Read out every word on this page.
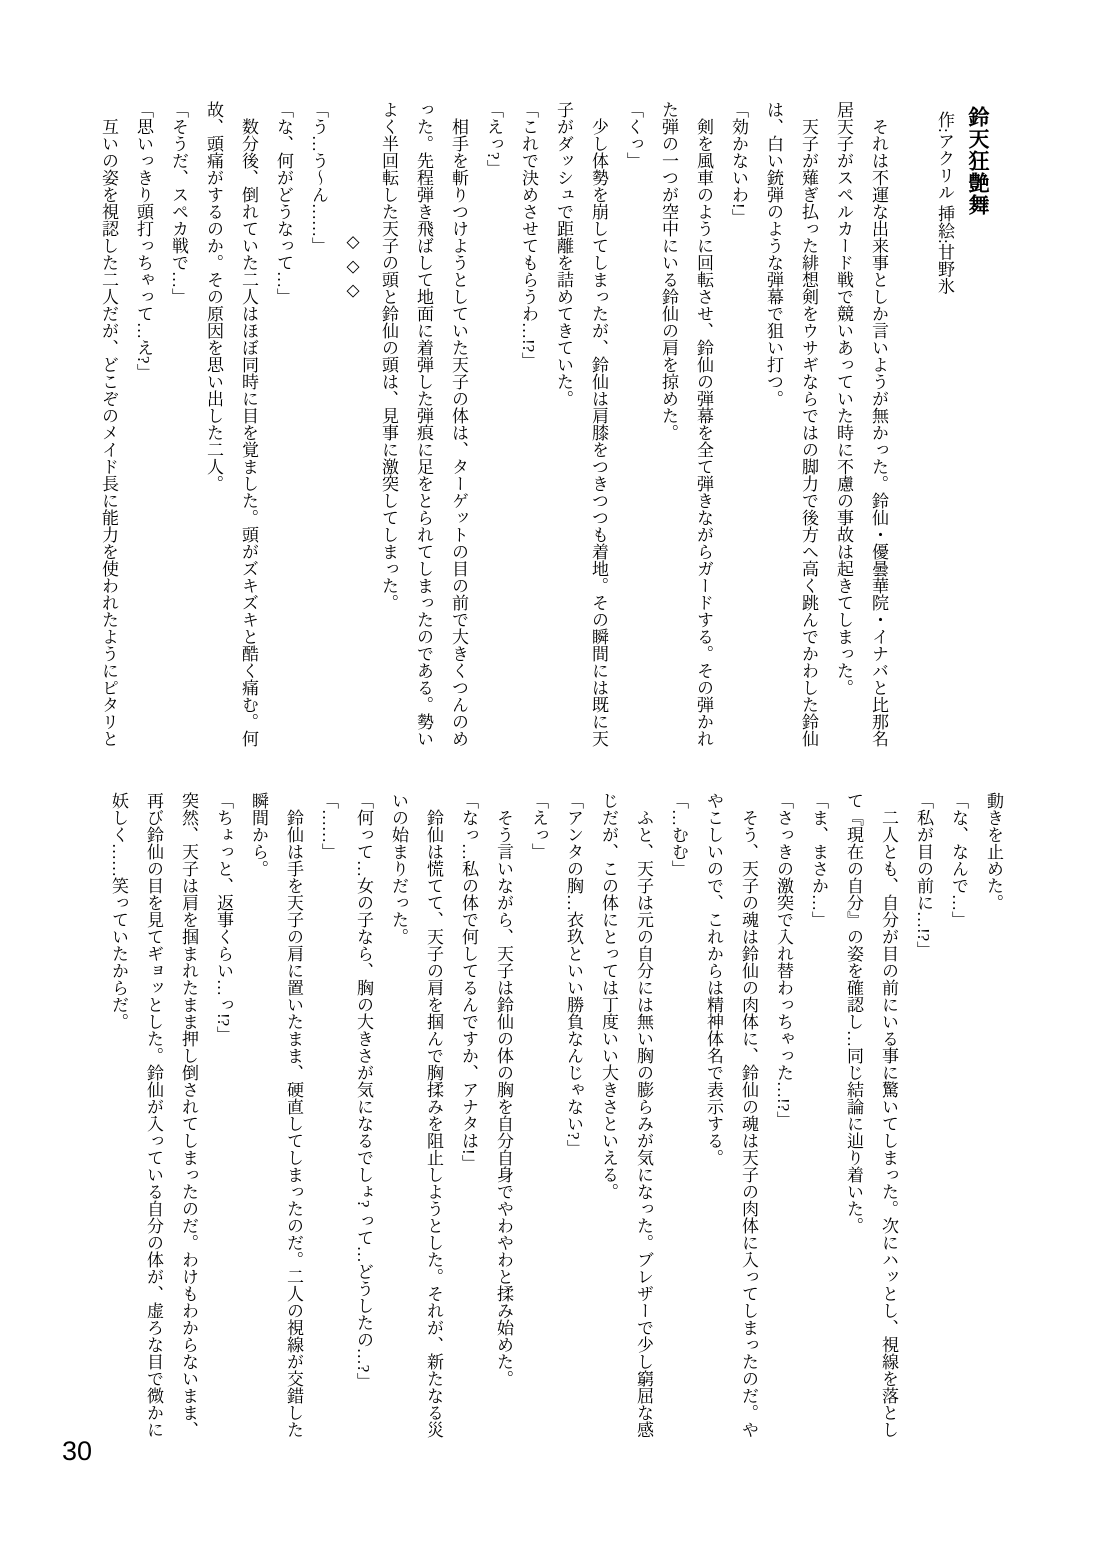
鈴天狂艶舞
作:アクリル 挿絵:甘野氷

それは不運な出来事としか言いようが無かった。鈴仙・優曇華院・イナバと比那名居天子がスペルカード戦で競いあっていた時に不慮の事故は起きてしまった。

天子が薙ぎ払った緋想剣をウサギならではの脚力で後方へ高く跳んでかわした鈴仙は、白い銃弾のような弾幕で狙い打つ。

「効かないわ!」

剣を風車のように回転させ、鈴仙の弾幕を全て弾きながらガードする。その弾かれた弾の一つが空中にいる鈴仙の肩を掠めた。

「くっ」

少し体勢を崩してしまったが、鈴仙は肩膝をつきつつも着地。その瞬間には既に天子がダッシュで距離を詰めてきていた。

「これで決めさせてもらうわ…!?」

「えっ?」

相手を斬りつけようとしていた天子の体は、ターゲットの目の前で大きくつんのめった。先程弾き飛ばして地面に着弾した弾痕に足をとられてしまったのである。勢いよく半回転した天子の頭と鈴仙の頭は、見事に激突してしまった。

◇ ◇ ◇

「う…う〜ん……」

「な、何がどうなって…」

数分後、倒れていた二人はほぼ同時に目を覚ました。頭がズキズキと酷く痛む。何故、頭痛がするのか。その原因を思い出した二人。

「そうだ、スペカ戦で…」

「思いっきり頭打っちゃって…え?」

互いの姿を視認した二人だが、どこぞのメイド長に能力を使われたようにピタリと

動きを止めた。

「な、なんで…」

「私が目の前に…!?」

二人とも、自分が目の前にいる事に驚いてしまった。次にハッとし、視線を落として『現在の自分』の姿を確認し…同じ結論に辿り着いた。

「ま、まさか…」

「さっきの激突で入れ替わっちゃった…!?」

そう、天子の魂は鈴仙の肉体に、鈴仙の魂は天子の肉体に入ってしまったのだ。ややこしいので、これからは精神体名で表示する。

「…むむ」

ふと、天子は元の自分には無い胸の膨らみが気になった。ブレザーで少し窮屈な感じだが、この体にとっては丁度いい大きさといえる。

「アンタの胸…衣玖といい勝負なんじゃない?」

「えっ」

そう言いながら、天子は鈴仙の体の胸を自分自身でやわやわと揉み始めた。

「なっ…私の体で何してるんですか、アナタは!」

鈴仙は慌てて、天子の肩を掴んで胸揉みを阻止しようとした。それが、新たなる災いの始まりだった。

「何って…女の子なら、胸の大きさが気になるでしょ? って…どうしたの…?」

「……」

鈴仙は手を天子の肩に置いたまま、硬直してしまったのだ。二人の視線が交錯した瞬間から。

「ちょっと、返事くらい…っ!?」

突然、天子は肩を掴まれたまま押し倒されてしまったのだ。わけもわからないまま、再び鈴仙の目を見てギョッとした。鈴仙が入っている自分の体が、虚ろな目で微かに妖しく……笑っていたからだ。

30
